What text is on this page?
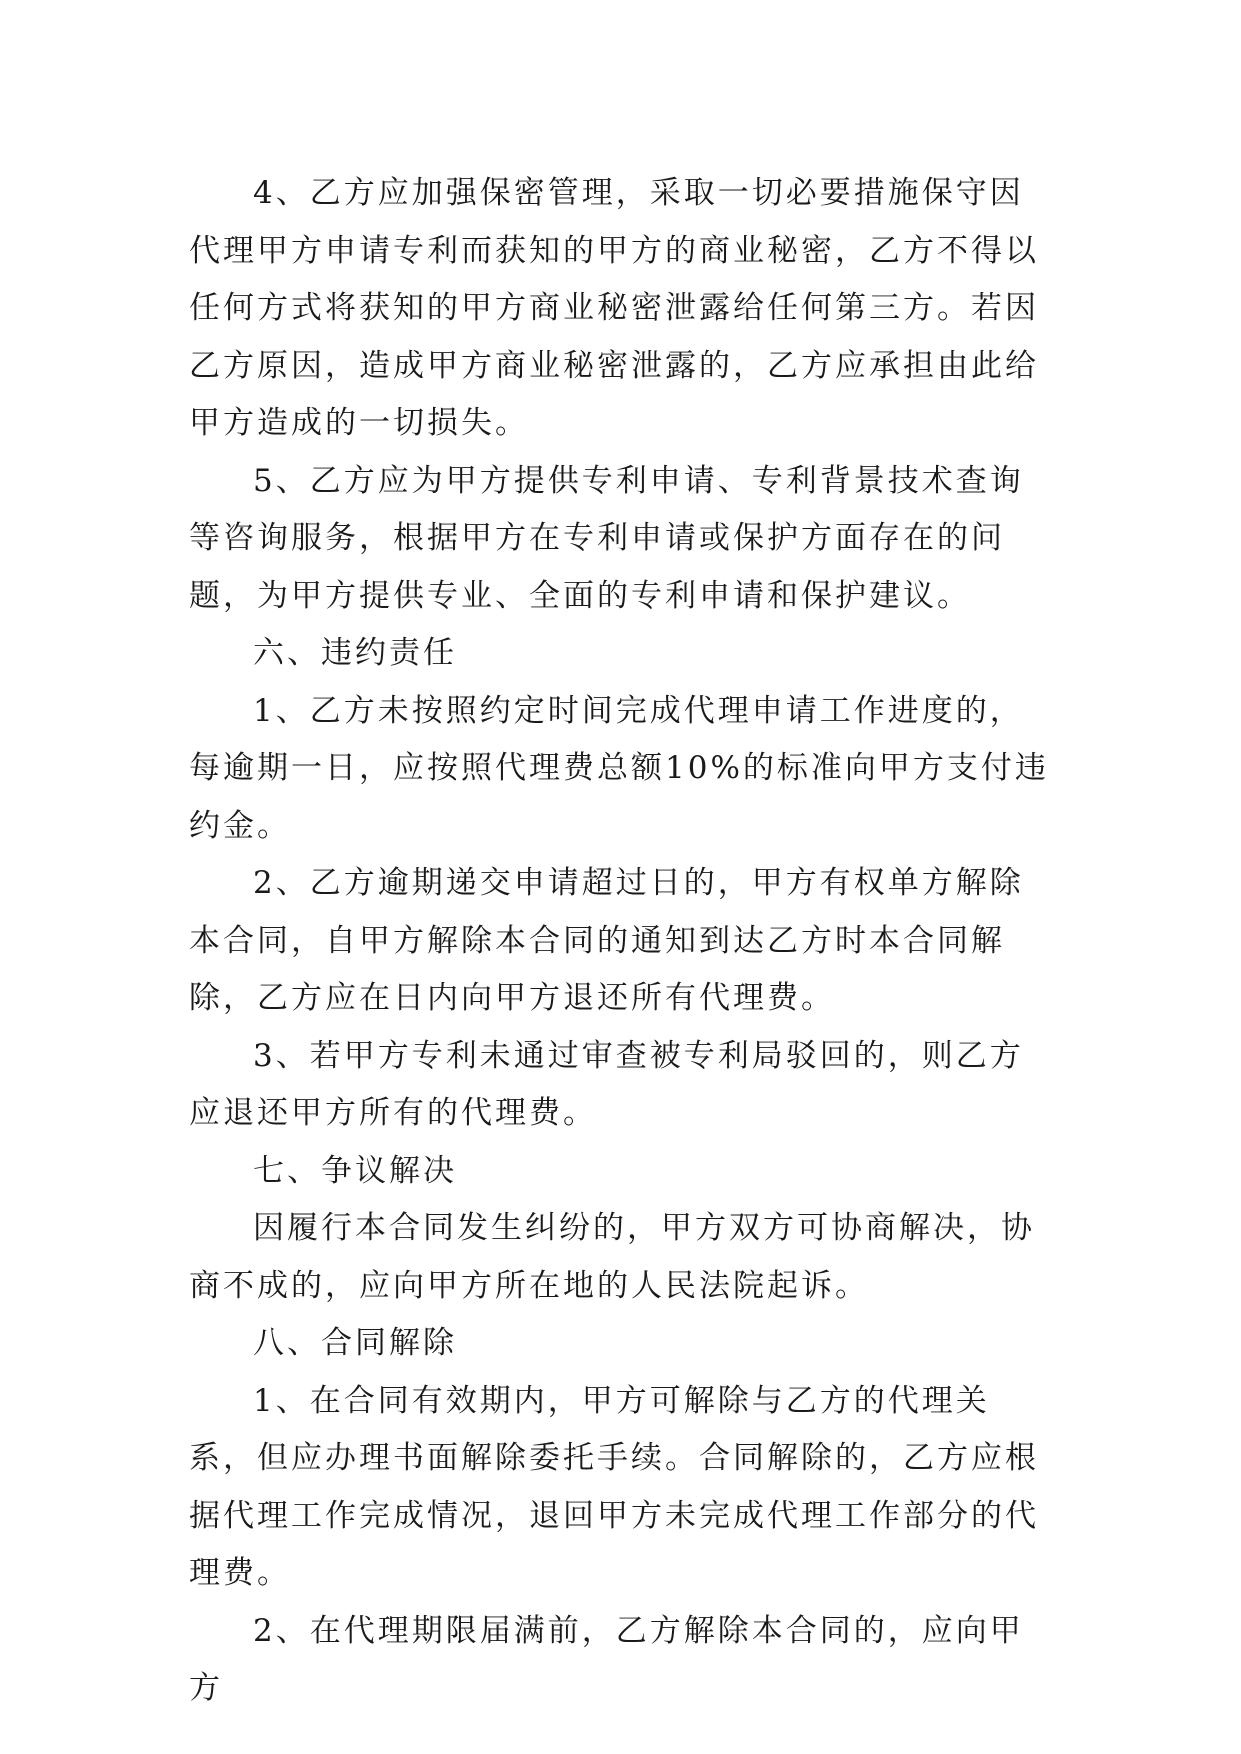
4、乙方应加强保密管理，采取一切必要措施保守因代理甲方申请专利而获知的甲方的商业秘密，乙方不得以任何方式将获知的甲方商业秘密泄露给任何第三方。若因乙方原因，造成甲方商业秘密泄露的，乙方应承担由此给甲方造成的一切损失。

5、乙方应为甲方提供专利申请、专利背景技术查询等咨询服务，根据甲方在专利申请或保护方面存在的问题，为甲方提供专业、全面的专利申请和保护建议。

六、违约责任

1、乙方未按照约定时间完成代理申请工作进度的，每逾期一日，应按照代理费总额10%的标准向甲方支付违约金。

2、乙方逾期递交申请超过日的，甲方有权单方解除本合同，自甲方解除本合同的通知到达乙方时本合同解除，乙方应在日内向甲方退还所有代理费。

3、若甲方专利未通过审查被专利局驳回的，则乙方应退还甲方所有的代理费。

七、争议解决

因履行本合同发生纠纷的，甲方双方可协商解决，协商不成的，应向甲方所在地的人民法院起诉。

八、合同解除

1、在合同有效期内，甲方可解除与乙方的代理关系，但应办理书面解除委托手续。合同解除的，乙方应根据代理工作完成情况，退回甲方未完成代理工作部分的代理费。

2、在代理期限届满前，乙方解除本合同的，应向甲方
